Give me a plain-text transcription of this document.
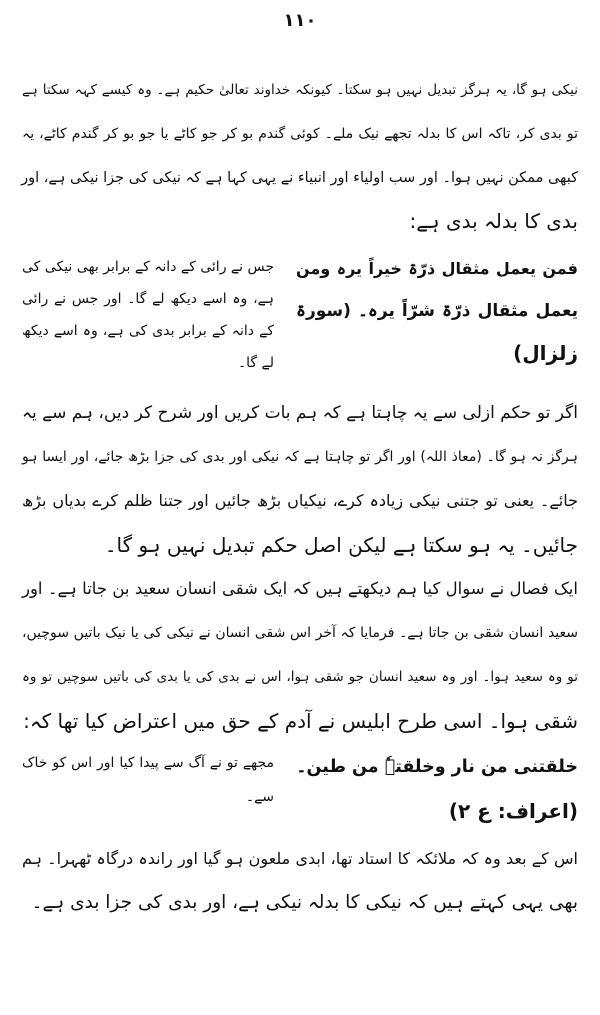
۱۱۰
نیکی ہو گا، یہ ہرگز تبدیل نہیں ہو سکتا۔ کیونکہ خداوند تعالیٰ حکیم ہے۔ وہ کیسے کہہ سکتا ہے
تو بدی کر، تاکہ اس کا بدلہ تجھے نیک ملے۔ کوئی گندم بو کر جو کاٹے یا جو بو کر گندم کاٹے، یہ
کبھی ممکن نہیں ہوا۔ اور سب اولیاء اور انبیاء نے یہی کہا ہے کہ نیکی کی جزا نیکی ہے، اور
بدی کا بدلہ بدی ہے:
فمن یعمل مثقال ذرّۃ خیراً یرہ ومن
یعمل مثقال ذرّۃ شرّاً یرہ۔ (سورۃ
زلزال)
جس نے رائی کے دانہ کے برابر بھی نیکی کی
ہے، وہ اسے دیکھ لے گا۔ اور جس نے رائی
کے دانہ کے برابر بدی کی ہے، وہ اسے دیکھ
لے گا۔
اگر تو حکم ازلی سے یہ چاہتا ہے کہ ہم بات کریں اور شرح کر دیں، ہم سے یہ
ہرگز نہ ہو گا۔ (معاذ اللہ) اور اگر تو چاہتا ہے کہ نیکی اور بدی کی جزا بڑھ جائے، اور ایسا ہو
جائے۔ یعنی تو جتنی نیکی زیادہ کرے، نیکیاں بڑھ جائیں اور جتنا ظلم کرے بدیاں بڑھ
جائیں۔ یہ ہو سکتا ہے لیکن اصل حکم تبدیل نہیں ہو گا۔
ایک فصال نے سوال کیا ہم دیکھتے ہیں کہ ایک شقی انسان سعید بن جاتا ہے۔ اور
سعید انسان شقی بن جاتا ہے۔ فرمایا کہ آخر اس شقی انسان نے نیکی کی یا نیک باتیں سوچیں،
تو وہ سعید ہوا۔ اور وہ سعید انسان جو شقی ہوا، اس نے بدی کی یا بدی کی باتیں سوچیں تو وہ
شقی ہوا۔ اسی طرح ابلیس نے آدم کے حق میں اعتراض کیا تھا کہ:
خلقتنی من نار وخلقتہٗ من طین۔
(اعراف: ع ۲)
مجھے تو نے آگ سے پیدا کیا اور اس کو خاک
سے۔
اس کے بعد وہ کہ ملائکہ کا استاد تھا، ابدی ملعون ہو گیا اور راندہ درگاہ ٹھہرا۔ ہم
بھی یہی کہتے ہیں کہ نیکی کا بدلہ نیکی ہے، اور بدی کی جزا بدی ہے۔
